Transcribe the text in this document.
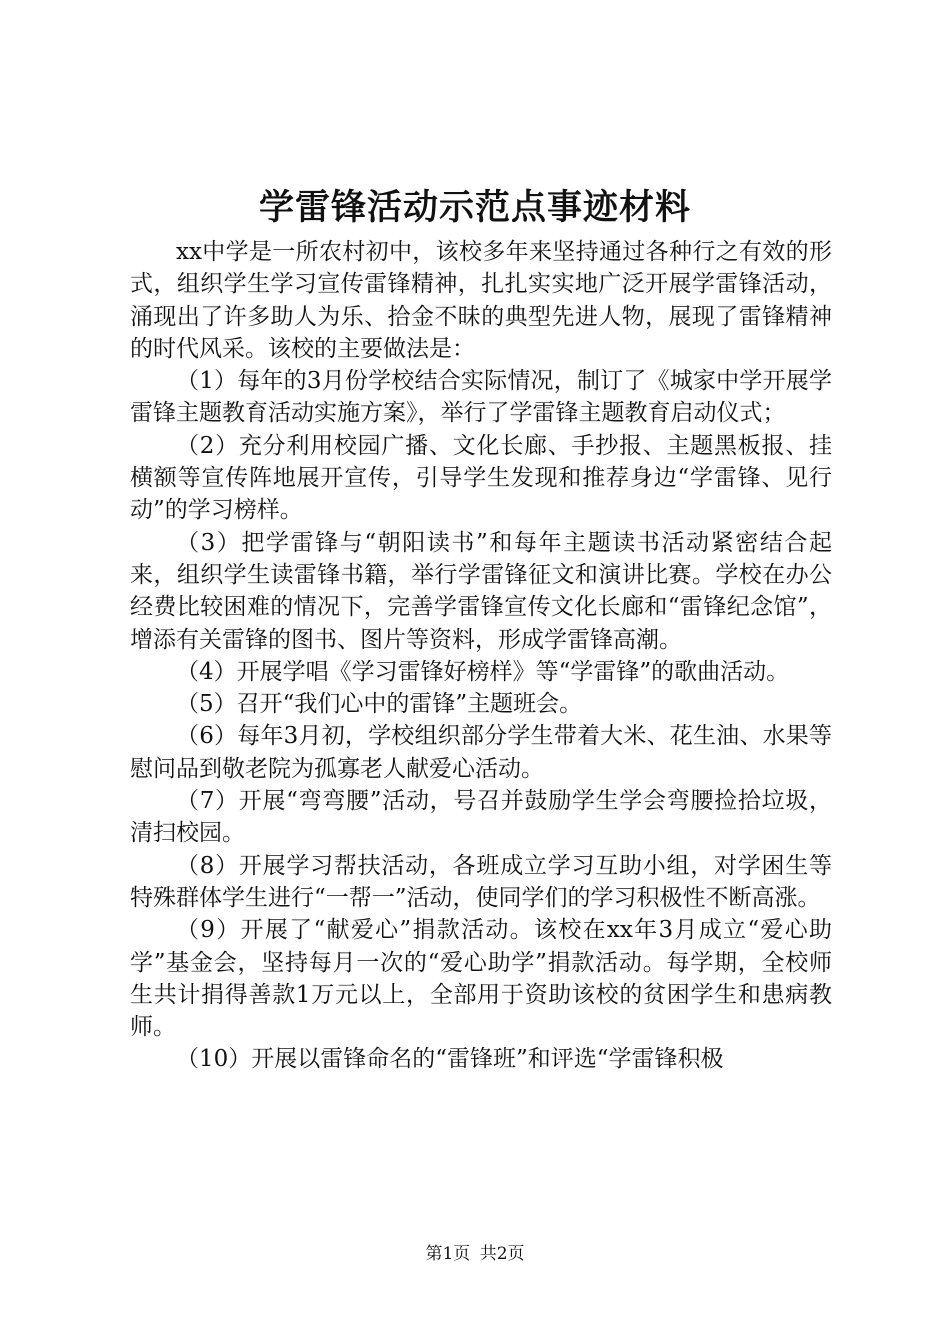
学雷锋活动示范点事迹材料

xx中学是一所农村初中，该校多年来坚持通过各种行之有效的形式，组织学生学习宣传雷锋精神，扎扎实实地广泛开展学雷锋活动，涌现出了许多助人为乐、拾金不昧的典型先进人物，展现了雷锋精神的时代风采。该校的主要做法是：

（1）每年的3月份学校结合实际情况，制订了《城家中学开展学雷锋主题教育活动实施方案》，举行了学雷锋主题教育启动仪式；

（2）充分利用校园广播、文化长廊、手抄报、主题黑板报、挂横额等宣传阵地展开宣传，引导学生发现和推荐身边“学雷锋、见行动”的学习榜样。

（3）把学雷锋与“朝阳读书”和每年主题读书活动紧密结合起来，组织学生读雷锋书籍，举行学雷锋征文和演讲比赛。学校在办公经费比较困难的情况下，完善学雷锋宣传文化长廊和“雷锋纪念馆”，增添有关雷锋的图书、图片等资料，形成学雷锋高潮。

（4）开展学唱《学习雷锋好榜样》等“学雷锋”的歌曲活动。

（5）召开“我们心中的雷锋”主题班会。

（6）每年3月初，学校组织部分学生带着大米、花生油、水果等慰问品到敬老院为孤寡老人献爱心活动。

（7）开展“弯弯腰”活动，号召并鼓励学生学会弯腰捡拾垃圾，清扫校园。

（8）开展学习帮扶活动，各班成立学习互助小组，对学困生等特殊群体学生进行“一帮一”活动，使同学们的学习积极性不断高涨。

（9）开展了“献爱心”捐款活动。该校在xx年3月成立“爱心助学”基金会，坚持每月一次的“爱心助学”捐款活动。每学期，全校师生共计捐得善款1万元以上，全部用于资助该校的贫困学生和患病教师。

（10）开展以雷锋命名的“雷锋班”和评选“学雷锋积极

第1页 共2页
